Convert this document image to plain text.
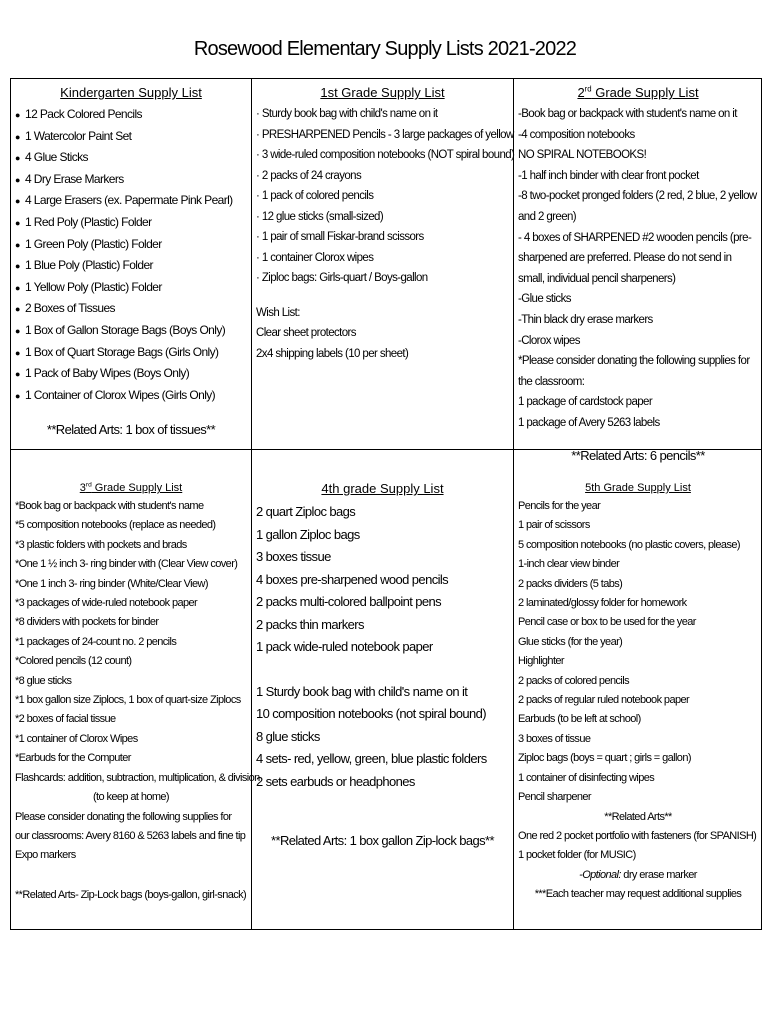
Rosewood Elementary Supply Lists 2021-2022
Kindergarten Supply List
● 12 Pack Colored Pencils
● 1 Watercolor Paint Set
● 4 Glue Sticks
● 4 Dry Erase Markers
● 4 Large Erasers (ex. Papermate Pink Pearl)
● 1 Red Poly (Plastic) Folder
● 1 Green Poly (Plastic) Folder
● 1 Blue Poly (Plastic) Folder
● 1 Yellow Poly (Plastic) Folder
● 2 Boxes of Tissues
● 1 Box of Gallon Storage Bags (Boys Only)
● 1 Box of Quart Storage Bags (Girls Only)
● 1 Pack of Baby Wipes (Boys Only)
● 1 Container of Clorox Wipes (Girls Only)
**Related Arts: 1 box of tissues**
1st Grade Supply List
· Sturdy book bag with child's name on it
· PRESHARPENED Pencils - 3 large packages of yellow
· 3 wide-ruled composition notebooks (NOT spiral bound)
· 2 packs of 24 crayons
· 1 pack of colored pencils
· 12 glue sticks (small-sized)
· 1 pair of small Fiskar-brand scissors
· 1 container Clorox wipes
· Ziploc bags: Girls-quart / Boys-gallon
Wish List:
Clear sheet protectors
2x4 shipping labels (10 per sheet)
2rd Grade Supply List
-Book bag or backpack with student's name on it
-4 composition notebooks
NO SPIRAL NOTEBOOKS!
-1 half inch binder with clear front pocket
-8 two-pocket pronged folders (2 red, 2 blue, 2 yellow and 2 green)
- 4 boxes of SHARPENED #2 wooden pencils (pre-sharpened are preferred. Please do not send in small, individual pencil sharpeners)
-Glue sticks
-Thin black dry erase markers
-Clorox wipes
*Please consider donating the following supplies for the classroom:
1 package of cardstock paper
1 package of Avery 5263 labels
**Related Arts: 6 pencils**
3rd Grade Supply List
*Book bag or backpack with student's name
*5 composition notebooks (replace as needed)
*3 plastic folders with pockets and brads
*One 1 ½ inch 3- ring binder with (Clear View cover)
*One 1 inch 3- ring binder (White/Clear View)
*3 packages of wide-ruled notebook paper
*8 dividers with pockets for binder
*1 packages of 24-count no. 2 pencils
*Colored pencils (12 count)
*8 glue sticks
*1 box gallon size Ziplocs, 1 box of quart-size Ziplocs
*2 boxes of facial tissue
*1 container of Clorox Wipes
*Earbuds for the Computer
Flashcards: addition, subtraction, multiplication, & division
(to keep at home)
Please consider donating the following supplies for our classrooms: Avery 8160 & 5263 labels and fine tip Expo markers
**Related Arts- Zip-Lock bags (boys-gallon, girl-snack)
4th grade Supply List
2 quart Ziploc bags
1 gallon Ziploc bags
3 boxes tissue
4 boxes pre-sharpened wood pencils
2 packs multi-colored ballpoint pens
2 packs thin markers
1 pack wide-ruled notebook paper
1 Sturdy book bag with child's name on it
10 composition notebooks (not spiral bound)
8 glue sticks
4 sets- red, yellow, green, blue plastic folders
2 sets earbuds or headphones
**Related Arts: 1 box gallon Zip-lock bags**
5th Grade Supply List
Pencils for the year
1 pair of scissors
5 composition notebooks (no plastic covers, please)
1-inch clear view binder
2 packs dividers (5 tabs)
2 laminated/glossy folder for homework
Pencil case or box to be used for the year
Glue sticks (for the year)
Highlighter
2 packs of colored pencils
2 packs of regular ruled notebook paper
Earbuds (to be left at school)
3 boxes of tissue
Ziploc bags (boys = quart ; girls = gallon)
1 container of disinfecting wipes
Pencil sharpener
**Related Arts**
One red 2 pocket portfolio with fasteners (for SPANISH)
1 pocket folder (for MUSIC)
-Optional: dry erase marker
***Each teacher may request additional supplies
